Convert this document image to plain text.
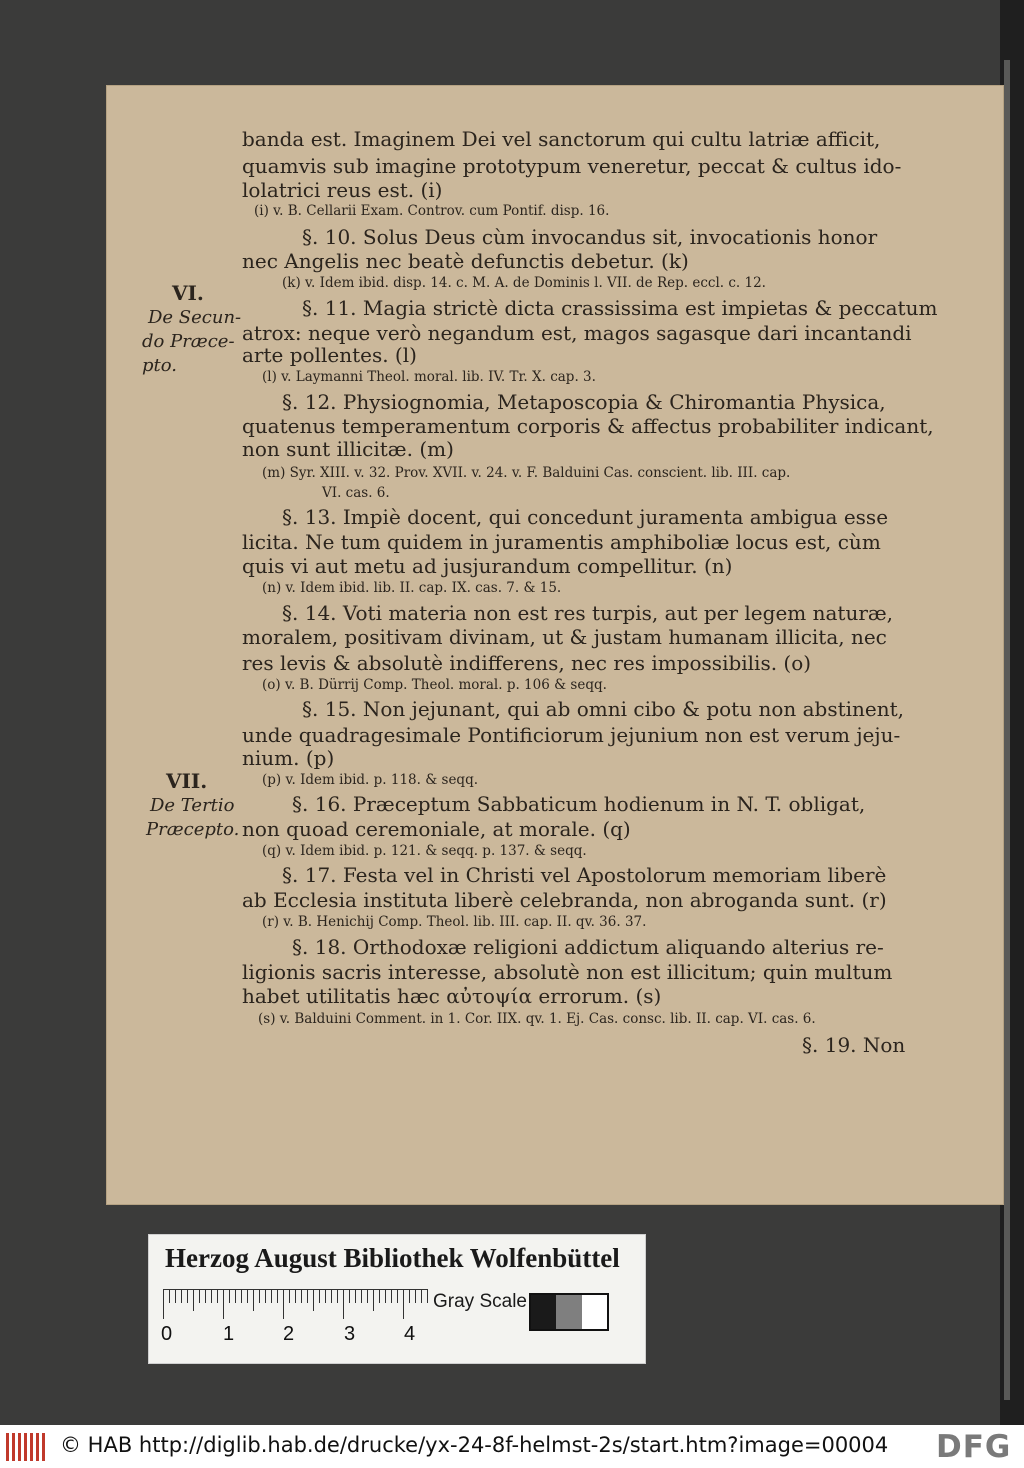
banda est. Imaginem Dei vel sanctorum qui cultu latriæ afficit,
quamvis sub imagine prototypum veneretur, peccat & cultus ido-
lolatrici reus est. (i)
(i) v. B. Cellarii Exam. Controv. cum Pontif. disp. 16.
§. 10. Solus Deus cùm invocandus sit, invocationis honor
nec Angelis nec beatè defunctis debetur. (k)
(k) v. Idem ibid. disp. 14. c. M. A. de Dominis l. VII. de Rep. eccl. c. 12.
§. 11. Magia strictè dicta crassissima est impietas & peccatum
atrox: neque verò negandum est, magos sagasque dari incantandi
arte pollentes. (l)
(l) v. Laymanni Theol. moral. lib. IV. Tr. X. cap. 3.
§. 12. Physiognomia, Metaposcopia & Chiromantia Physica,
quatenus temperamentum corporis & affectus probabiliter indicant,
non sunt illicitæ. (m)
(m) Syr. XIII. v. 32. Prov. XVII. v. 24. v. F. Balduini Cas. conscient. lib. III. cap.
VI. cas. 6.
§. 13. Impiè docent, qui concedunt juramenta ambigua esse
licita. Ne tum quidem in juramentis amphiboliæ locus est, cùm
quis vi aut metu ad jusjurandum compellitur. (n)
(n) v. Idem ibid. lib. II. cap. IX. cas. 7. & 15.
§. 14. Voti materia non est res turpis, aut per legem naturæ,
moralem, positivam divinam, ut & justam humanam illicita, nec
res levis & absolutè indifferens, nec res impossibilis. (o)
(o) v. B. Dürrij Comp. Theol. moral. p. 106 & seqq.
§. 15. Non jejunant, qui ab omni cibo & potu non abstinent,
unde quadragesimale Pontificiorum jejunium non est verum jeju-
nium. (p)
(p) v. Idem ibid. p. 118. & seqq.
§. 16. Præceptum Sabbaticum hodienum in N. T. obligat,
non quoad ceremoniale, at morale. (q)
(q) v. Idem ibid. p. 121. & seqq. p. 137. & seqq.
§. 17. Festa vel in Christi vel Apostolorum memoriam liberè
ab Ecclesia instituta liberè celebranda, non abroganda sunt. (r)
(r) v. B. Henichij Comp. Theol. lib. III. cap. II. qv. 36. 37.
§. 18. Orthodoxæ religioni addictum aliquando alterius re-
ligionis sacris interesse, absolutè non est illicitum; quin multum
habet utilitatis hæc αὐτοψία errorum. (s)
(s) v. Balduini Comment. in 1. Cor. IIX. qv. 1. Ej. Cas. consc. lib. II. cap. VI. cas. 6.
§. 19. Non
VI.
De Secun-
do Præce-
pto.
VII.
De Tertio
Præcepto.
Herzog August Bibliothek Wolfenbüttel
0	1 2 3 4
Gray Scale
© HAB http://diglib.hab.de/drucke/yx-24-8f-helmst-2s/start.htm?image=00004 DFG
